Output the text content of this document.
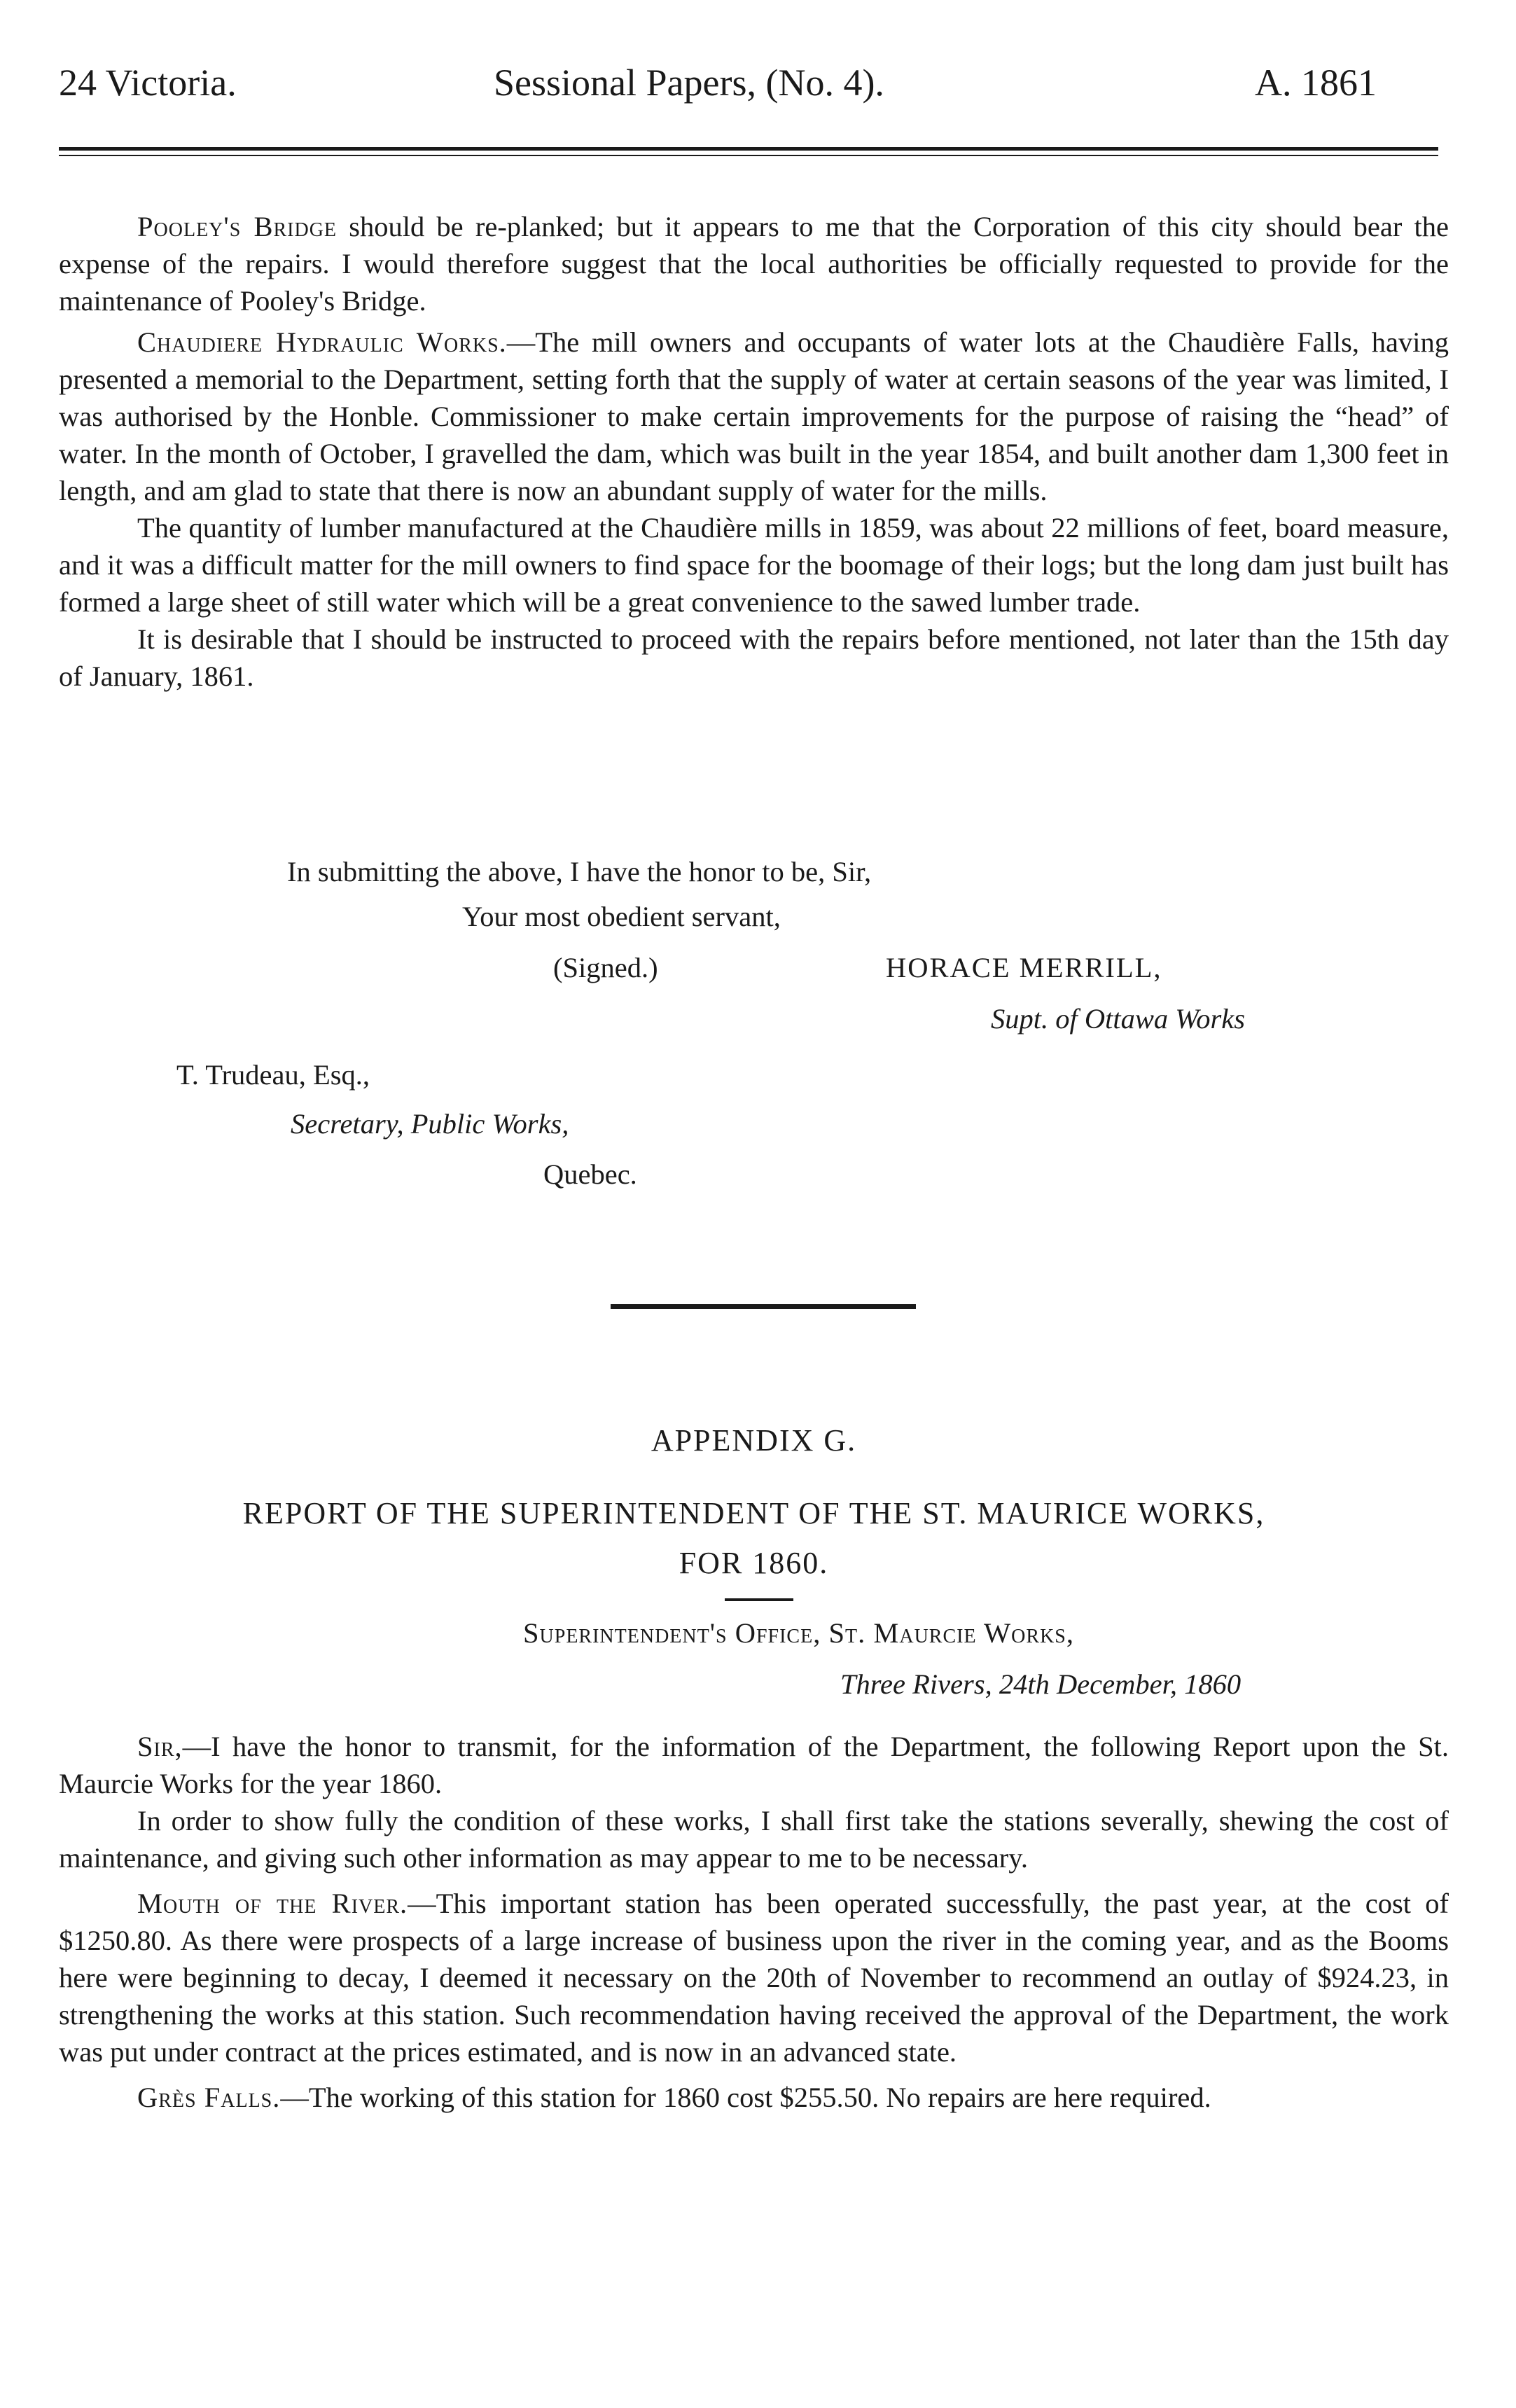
24 Victoria.	Sessional Papers, (No. 4).	A. 1861

Pooley's Bridge should be re-planked; but it appears to me that the Corporation of this city should bear the expense of the repairs. I would therefore suggest that the local authorities be officially requested to provide for the maintenance of Pooley's Bridge.

Chaudiere Hydraulic Works.—The mill owners and occupants of water lots at the Chaudière Falls, having presented a memorial to the Department, setting forth that the supply of water at certain seasons of the year was limited, I was authorised by the Honble. Commissioner to make certain improvements for the purpose of raising the “head” of water. In the month of October, I gravelled the dam, which was built in the year 1854, and built another dam 1,300 feet in length, and am glad to state that there is now an abundant supply of water for the mills.

The quantity of lumber manufactured at the Chaudière mills in 1859, was about 22 millions of feet, board measure, and it was a difficult matter for the mill owners to find space for the boomage of their logs; but the long dam just built has formed a large sheet of still water which will be a great convenience to the sawed lumber trade.

It is desirable that I should be instructed to proceed with the repairs before mentioned, not later than the 15th day of January, 1861.

In submitting the above, I have the honor to be, Sir,
Your most obedient servant,
(Signed.)	HORACE MERRILL,
Supt. of Ottawa Works
T. Trudeau, Esq.,
Secretary, Public Works,
Quebec.
APPENDIX G.
REPORT OF THE SUPERINTENDENT OF THE ST. MAURICE WORKS,
FOR 1860.
Superintendent's Office, St. Maurcie Works,
Three Rivers, 24th December, 1860

Sir,—I have the honor to transmit, for the information of the Department, the following Report upon the St. Maurcie Works for the year 1860.

In order to show fully the condition of these works, I shall first take the stations severally, shewing the cost of maintenance, and giving such other information as may appear to me to be necessary.

Mouth of the River.—This important station has been operated successfully, the past year, at the cost of $1250.80. As there were prospects of a large increase of business upon the river in the coming year, and as the Booms here were beginning to decay, I deemed it necessary on the 20th of November to recommend an outlay of $924.23, in strengthening the works at this station. Such recommendation having received the approval of the Department, the work was put under contract at the prices estimated, and is now in an advanced state.

Grès Falls.—The working of this station for 1860 cost $255.50. No repairs are here required.
